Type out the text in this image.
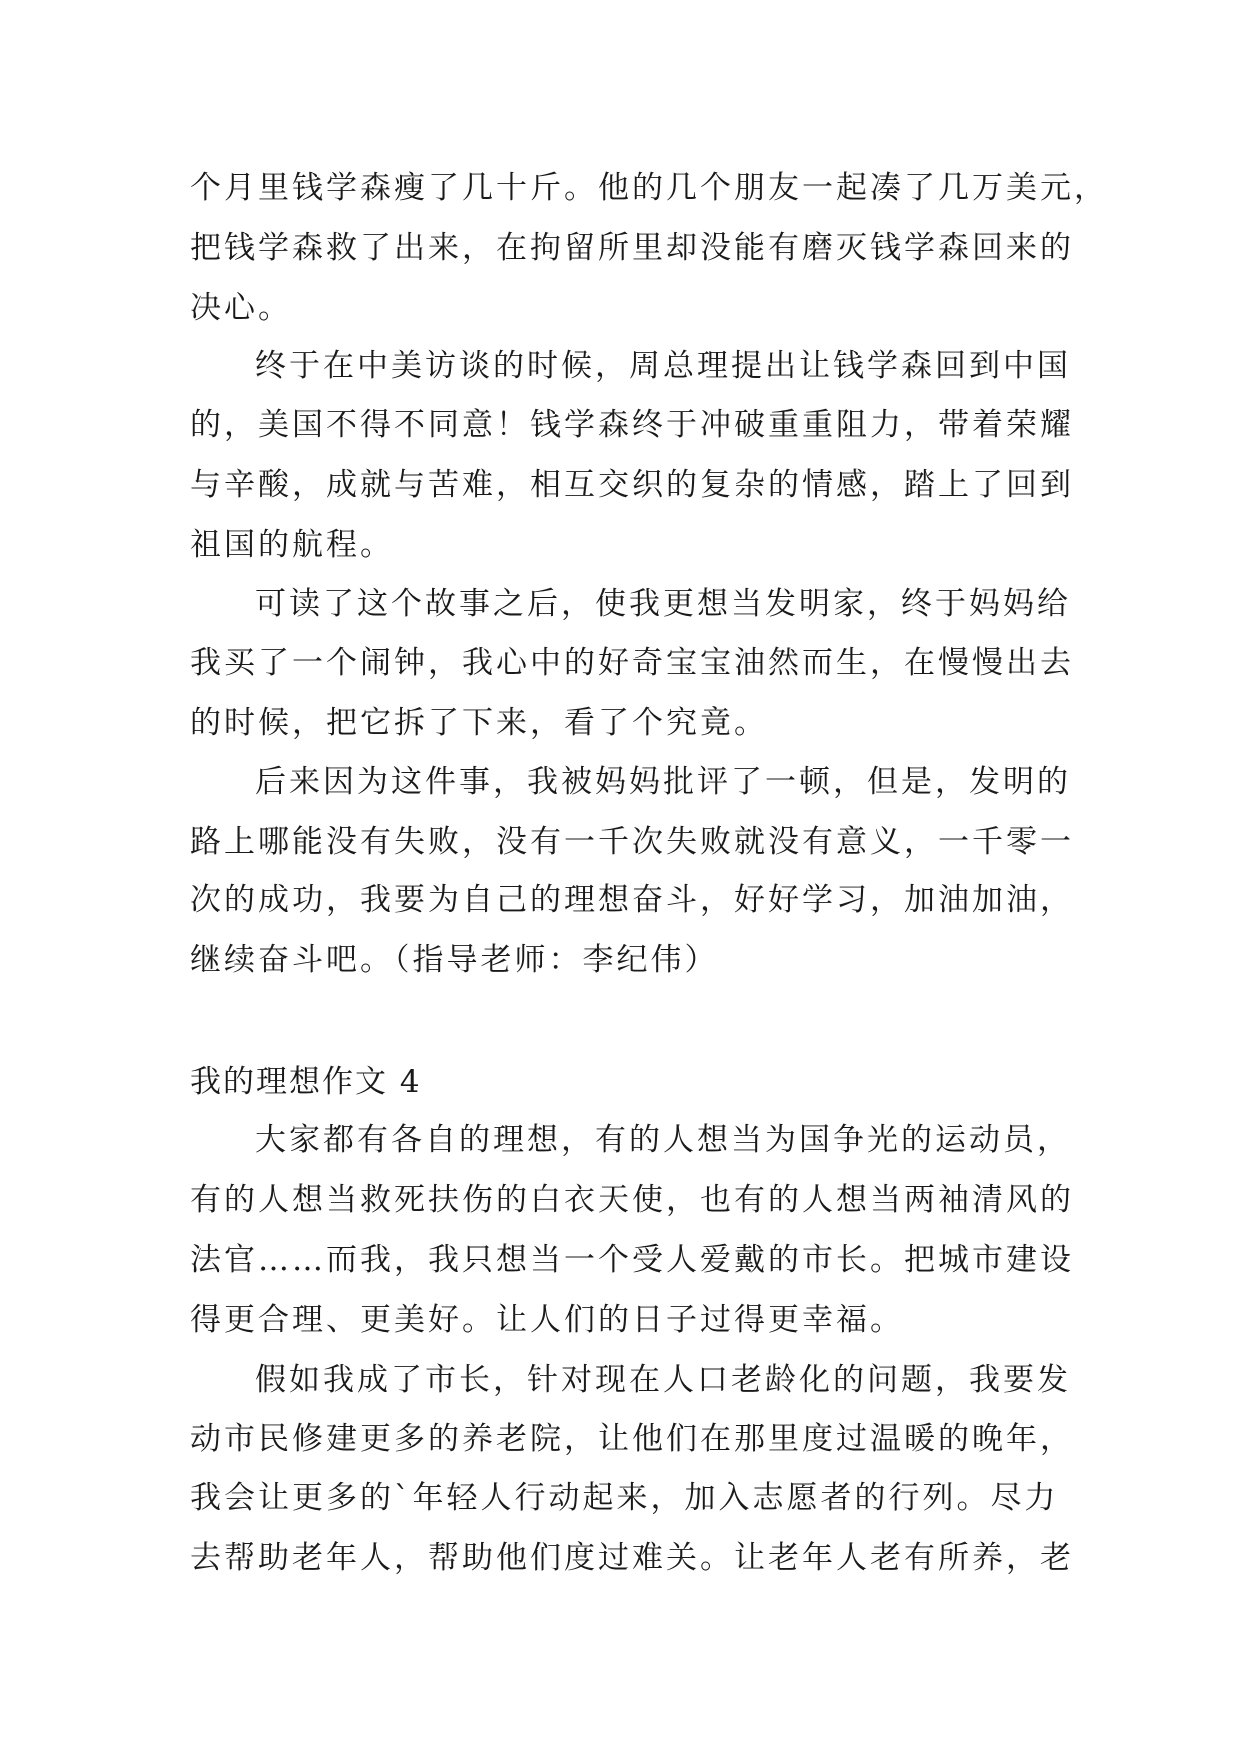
个月里钱学森瘦了几十斤。他的几个朋友一起凑了几万美元，
把钱学森救了出来，在拘留所里却没能有磨灭钱学森回来的
决心。
终于在中美访谈的时候，周总理提出让钱学森回到中国
的，美国不得不同意！钱学森终于冲破重重阻力，带着荣耀
与辛酸，成就与苦难，相互交织的复杂的情感，踏上了回到
祖国的航程。
可读了这个故事之后，使我更想当发明家，终于妈妈给
我买了一个闹钟，我心中的好奇宝宝油然而生，在慢慢出去
的时候，把它拆了下来，看了个究竟。
后来因为这件事，我被妈妈批评了一顿，但是，发明的
路上哪能没有失败，没有一千次失败就没有意义，一千零一
次的成功，我要为自己的理想奋斗，好好学习，加油加油，
继续奋斗吧。（指导老师：李纪伟）
我的理想作文 4
大家都有各自的理想，有的人想当为国争光的运动员，
有的人想当救死扶伤的白衣天使，也有的人想当两袖清风的
法官……而我，我只想当一个受人爱戴的市长。把城市建设
得更合理、更美好。让人们的日子过得更幸福。
假如我成了市长，针对现在人口老龄化的问题，我要发
动市民修建更多的养老院，让他们在那里度过温暖的晚年，
我会让更多的`年轻人行动起来，加入志愿者的行列。尽力
去帮助老年人，帮助他们度过难关。让老年人老有所养，老
